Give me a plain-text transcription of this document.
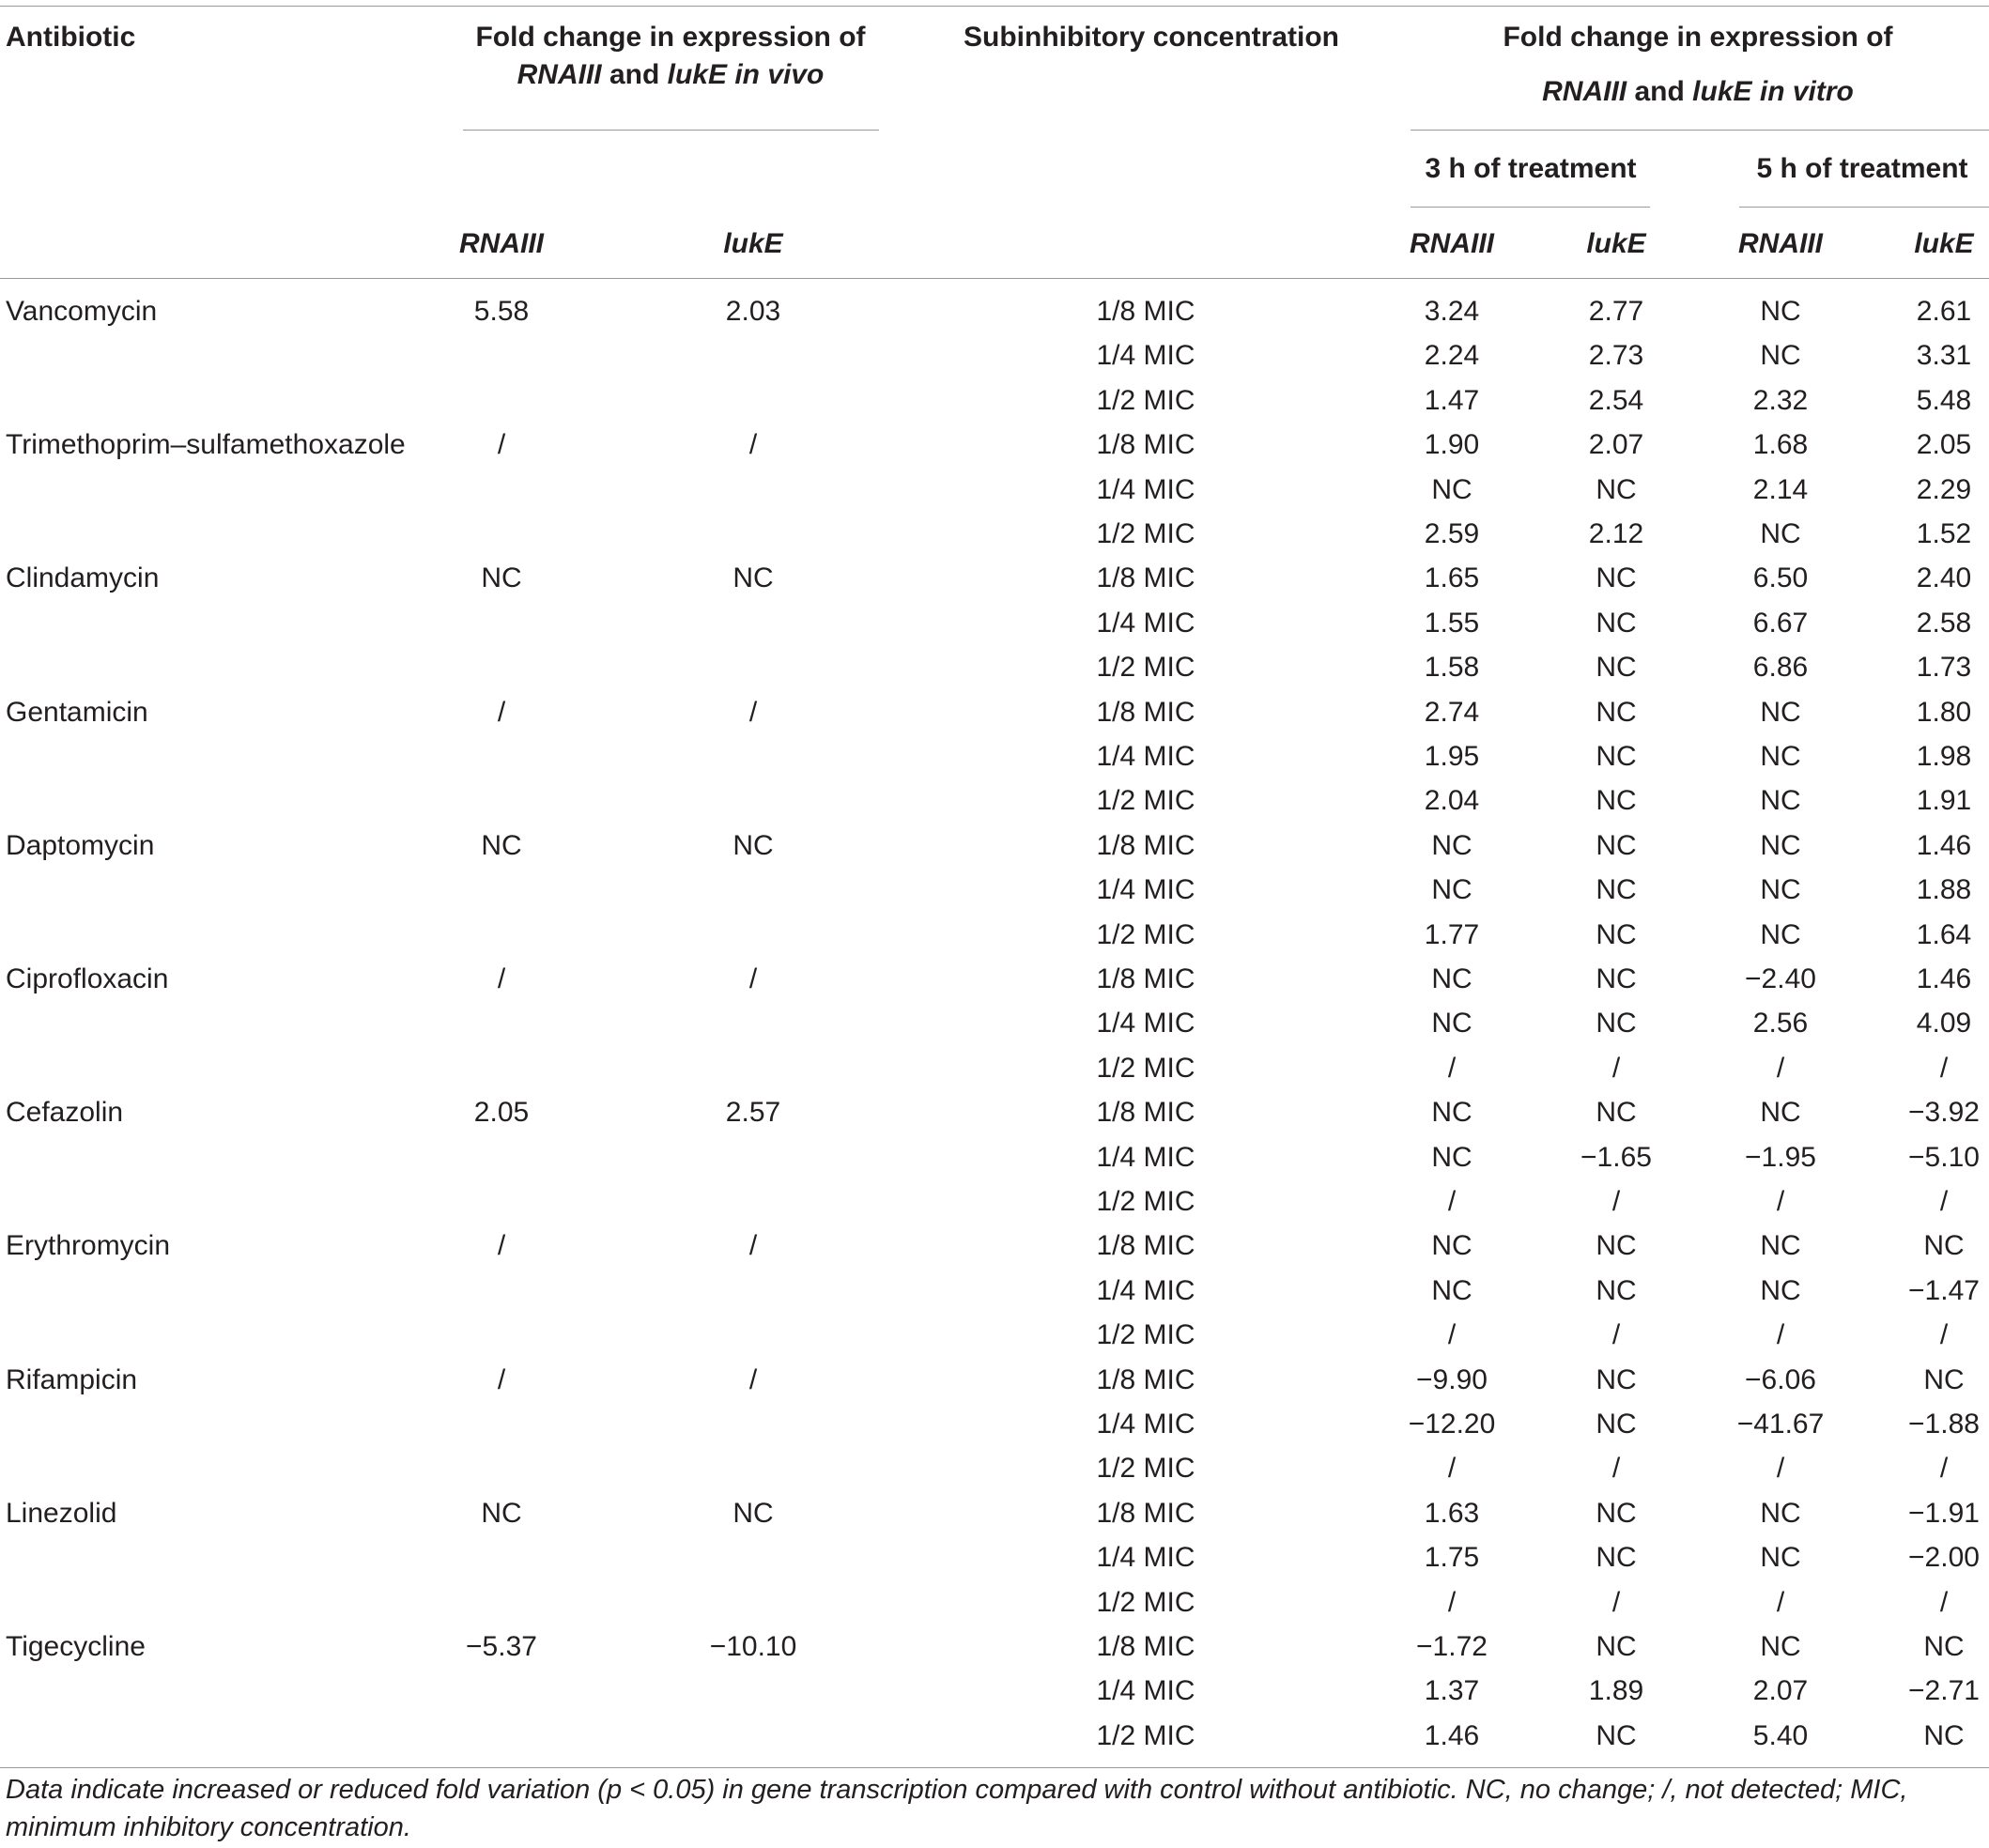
Antibiotic	Fold change in expression of
RNAIII and lukE in vivo
Subinhibitory concentration	Fold change in expression of
RNAIII and lukE in vitro
3 h of treatment	5 h of treatment
RNAIII	lukE	RNAIII	lukE	RNAIII	lukE
Vancomycin	5.58	2.03	1/8 MIC	3.24	2.77	NC	2.61
1/4 MIC	2.24	2.73	NC	3.31
1/2 MIC	1.47	2.54	2.32	5.48
Trimethoprim–sulfamethoxazole	/	/	1/8 MIC	1.90	2.07	1.68	2.05
1/4 MIC	NC	NC	2.14	2.29
1/2 MIC	2.59	2.12	NC	1.52
Clindamycin	NC	NC	1/8 MIC	1.65	NC	6.50	2.40
1/4 MIC	1.55	NC	6.67	2.58
1/2 MIC	1.58	NC	6.86	1.73
Gentamicin	/	/	1/8 MIC	2.74	NC	NC	1.80
1/4 MIC	1.95	NC	NC	1.98
1/2 MIC	2.04	NC	NC	1.91
Daptomycin	NC	NC	1/8 MIC	NC	NC	NC	1.46
1/4 MIC	NC	NC	NC	1.88
1/2 MIC	1.77	NC	NC	1.64
Ciprofloxacin	/	/	1/8 MIC	NC	NC	−2.40	1.46
1/4 MIC	NC	NC	2.56	4.09
1/2 MIC	/	/	/	/
Cefazolin	2.05	2.57	1/8 MIC	NC	NC	NC	−3.92
1/4 MIC	NC	−1.65	−1.95	−5.10
1/2 MIC	/	/	/	/
Erythromycin	/	/	1/8 MIC	NC	NC	NC	NC
1/4 MIC	NC	NC	NC	−1.47
1/2 MIC	/	/	/	/
Rifampicin	/	/	1/8 MIC	−9.90	NC	−6.06	NC
1/4 MIC	−12.20	NC	−41.67	−1.88
1/2 MIC	/	/	/	/
Linezolid	NC	NC	1/8 MIC	1.63	NC	NC	−1.91
1/4 MIC	1.75	NC	NC	−2.00
1/2 MIC	/	/	/	/
Tigecycline	−5.37	−10.10	1/8 MIC	−1.72	NC	NC	NC
1/4 MIC	1.37	1.89	2.07	−2.71
1/2 MIC	1.46	NC	5.40	NC
Data indicate increased or reduced fold variation (p < 0.05) in gene transcription compared with control without antibiotic. NC, no change; /, not detected; MIC, minimum inhibitory concentration.
